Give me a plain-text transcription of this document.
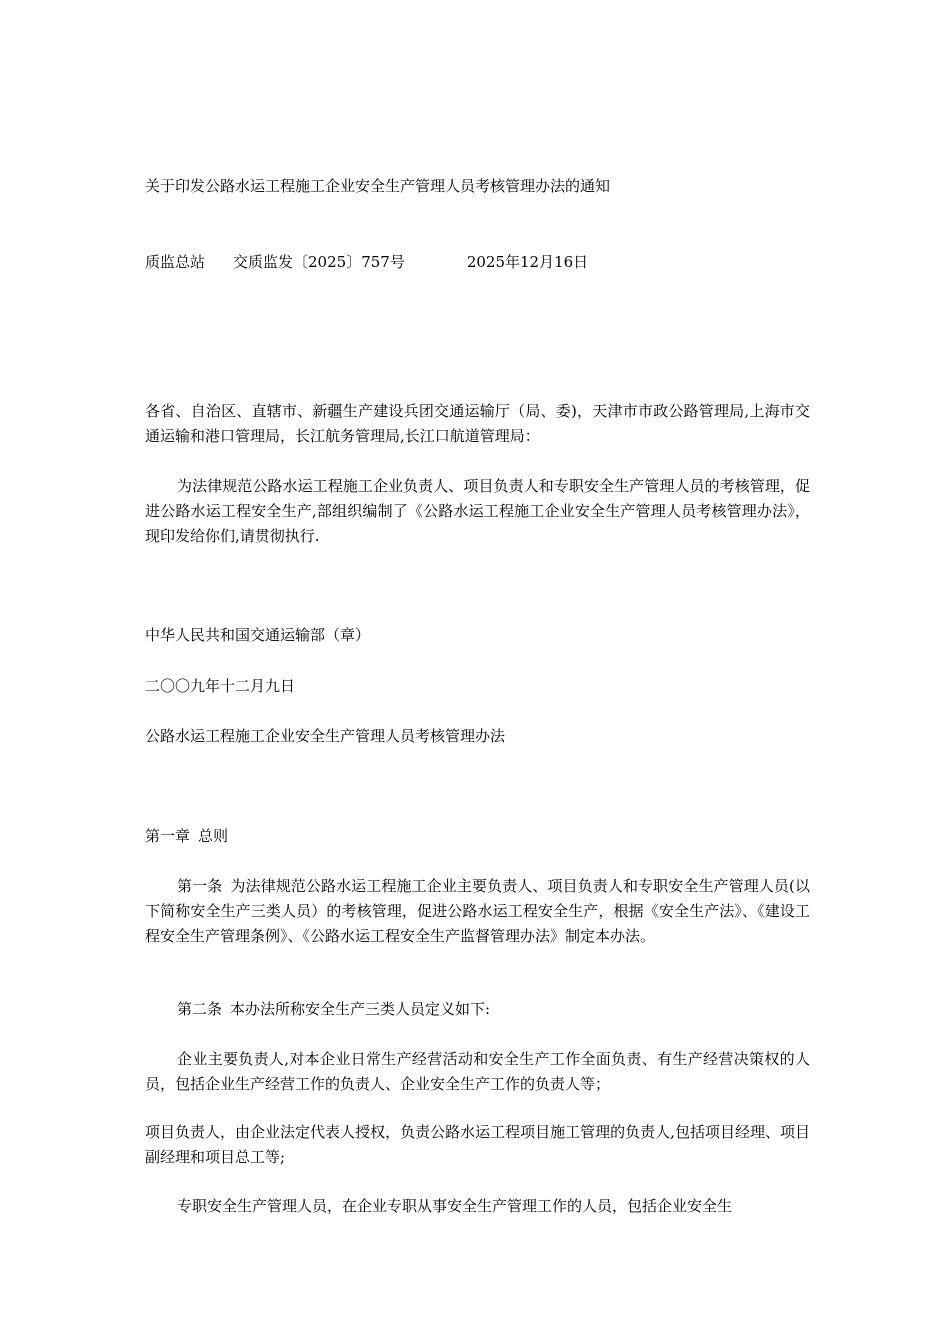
关于印发公路水运工程施工企业安全生产管理人员考核管理办法的通知
质监总站 交质监发〔2025〕757号	2025年12月16日
各省、自治区、直辖市、新疆生产建设兵团交通运输厅（局、委)，天津市市政公路管理局,上海市交通运输和港口管理局，长江航务管理局,长江口航道管理局：
为法律规范公路水运工程施工企业负责人、项目负责人和专职安全生产管理人员的考核管理，促进公路水运工程安全生产,部组织编制了《公路水运工程施工企业安全生产管理人员考核管理办法》，现印发给你们,请贯彻执行.
中华人民共和国交通运输部（章）
二〇〇九年十二月九日
公路水运工程施工企业安全生产管理人员考核管理办法
第一章 总则
第一条 为法律规范公路水运工程施工企业主要负责人、项目负责人和专职安全生产管理人员(以下简称安全生产三类人员）的考核管理，促进公路水运工程安全生产，根据《安全生产法》、《建设工程安全生产管理条例》、《公路水运工程安全生产监督管理办法》制定本办法。
第二条 本办法所称安全生产三类人员定义如下:
企业主要负责人,对本企业日常生产经营活动和安全生产工作全面负责、有生产经营决策权的人员，包括企业生产经营工作的负责人、企业安全生产工作的负责人等；
项目负责人，由企业法定代表人授权，负责公路水运工程项目施工管理的负责人,包括项目经理、项目副经理和项目总工等;
专职安全生产管理人员，在企业专职从事安全生产管理工作的人员，包括企业安全生
